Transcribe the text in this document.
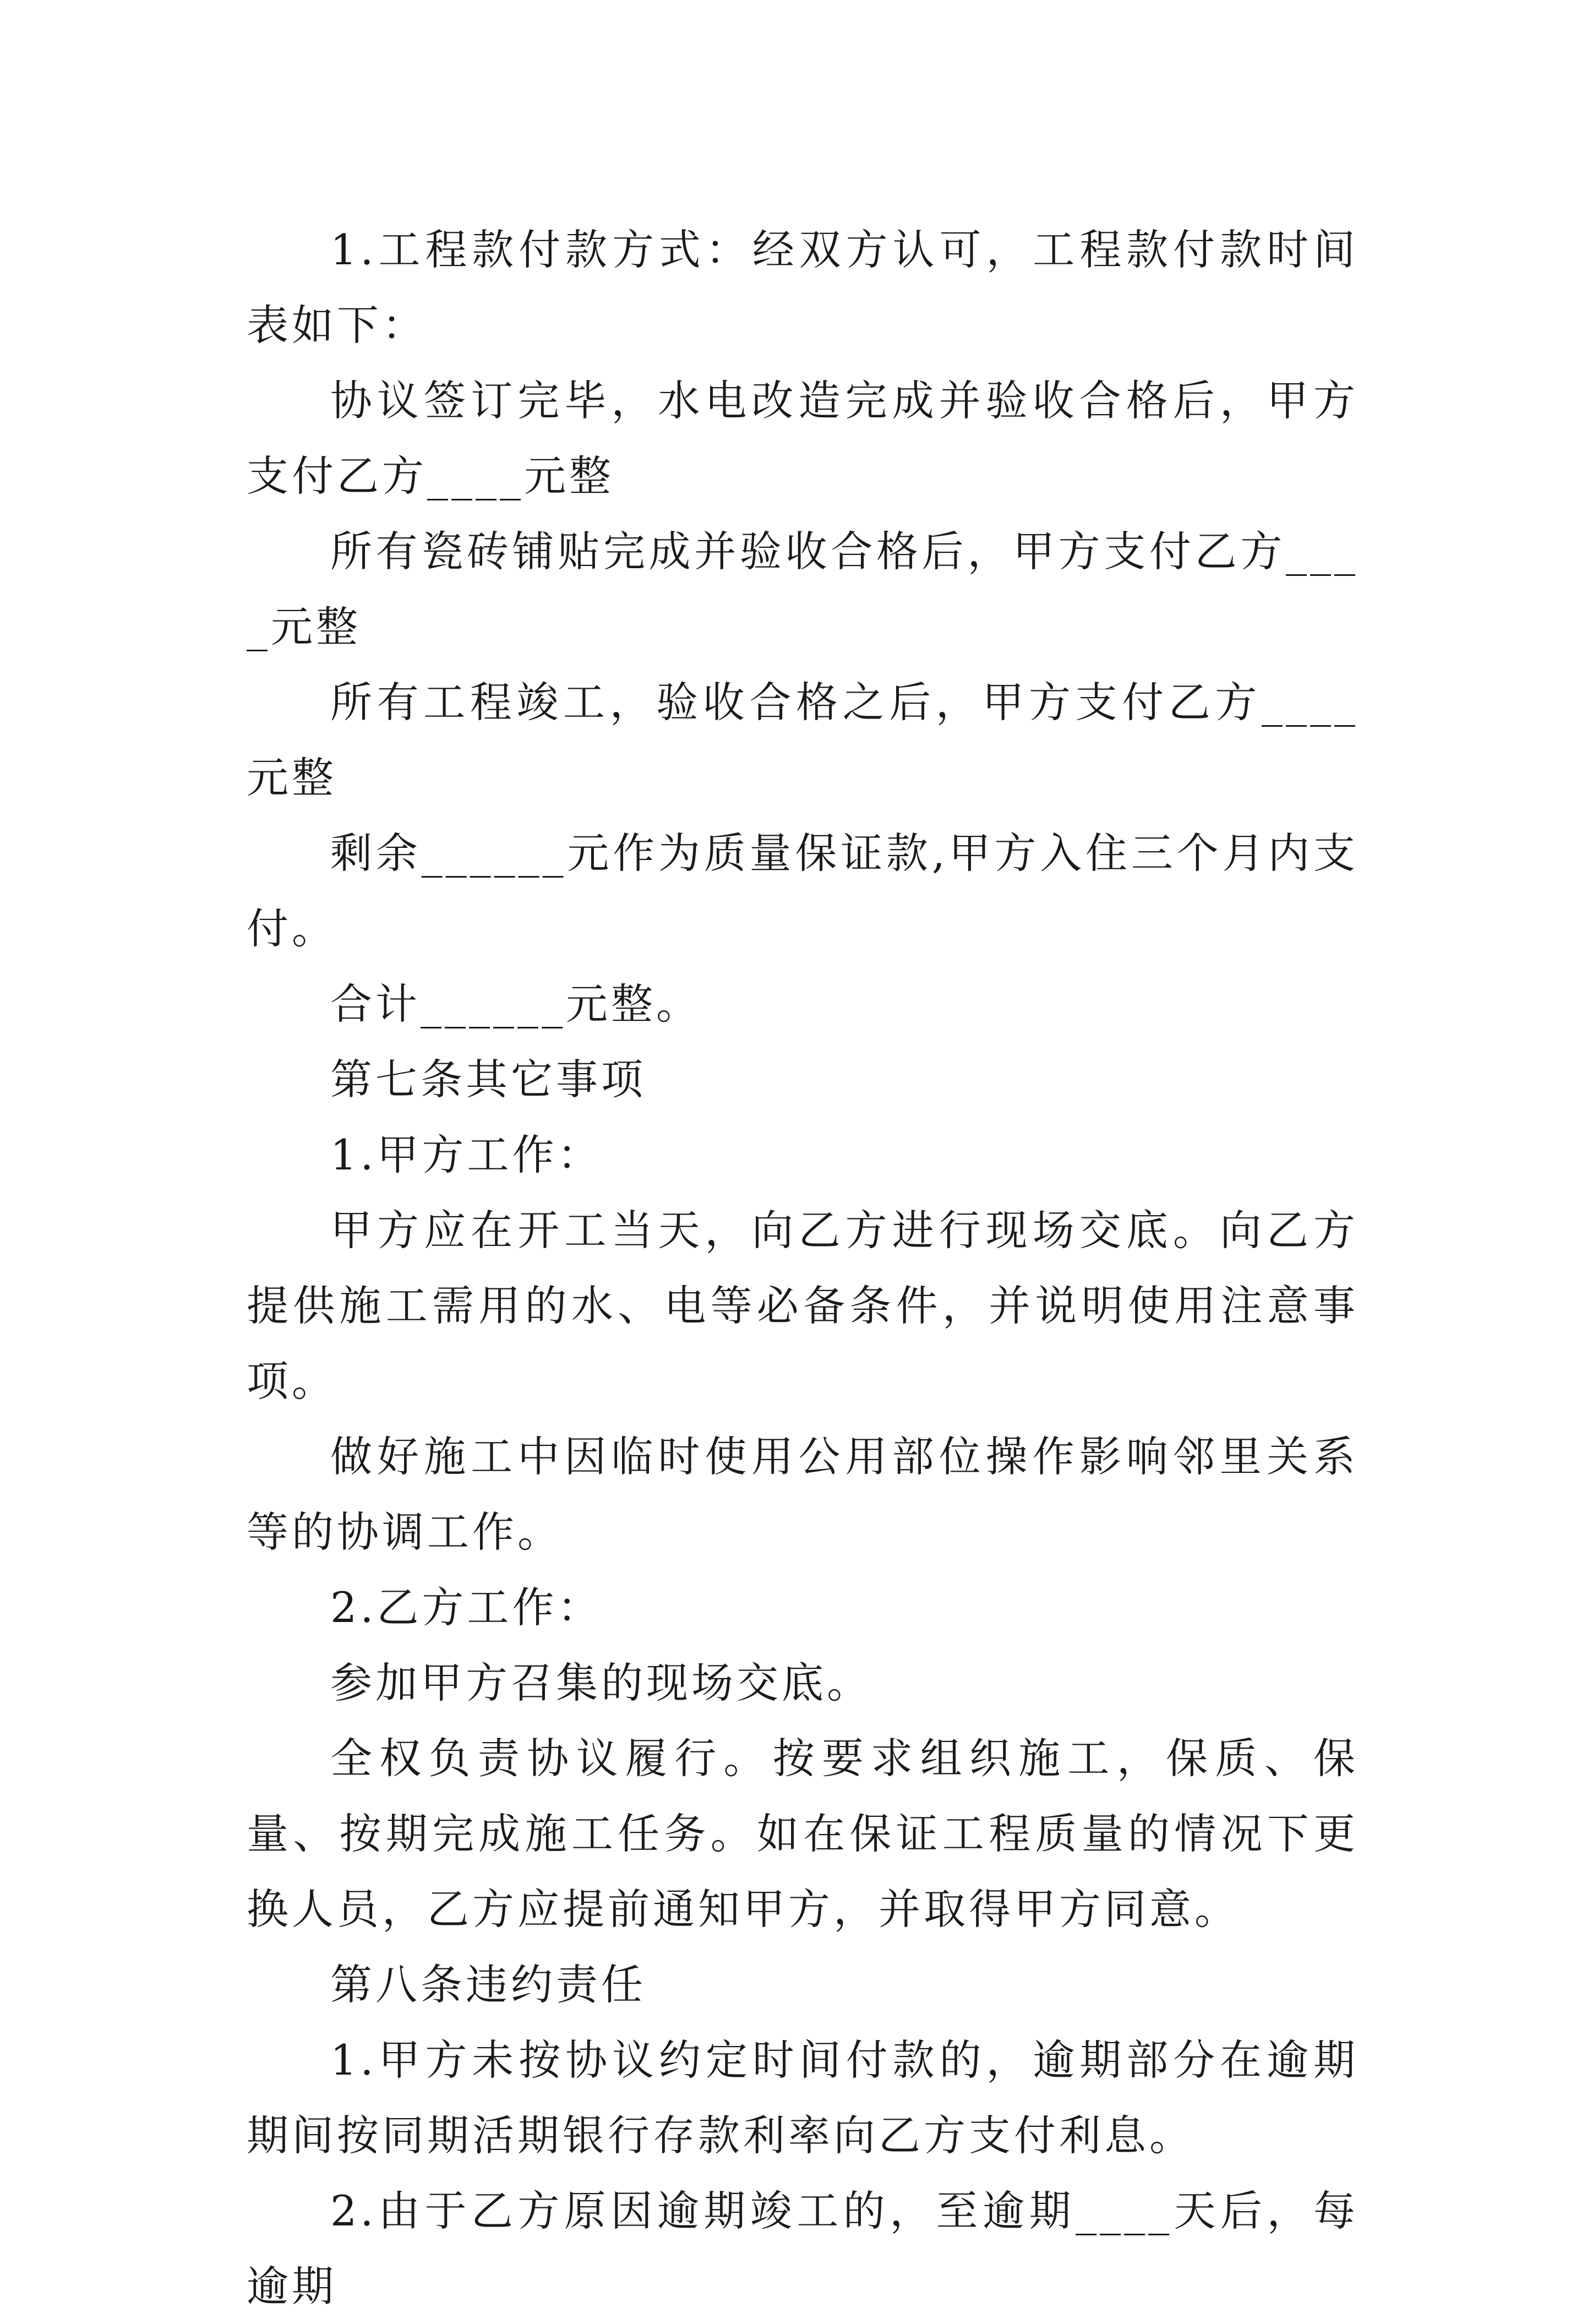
1.工程款付款方式：经双方认可，工程款付款时间表如下：

协议签订完毕，水电改造完成并验收合格后，甲方支付乙方____元整

所有瓷砖铺贴完成并验收合格后，甲方支付乙方____元整

所有工程竣工，验收合格之后，甲方支付乙方____元整

剩余______元作为质量保证款,甲方入住三个月内支付。

合计______元整。

第七条其它事项

1.甲方工作：

甲方应在开工当天，向乙方进行现场交底。向乙方提供施工需用的水、电等必备条件，并说明使用注意事项。

做好施工中因临时使用公用部位操作影响邻里关系等的协调工作。

2.乙方工作：

参加甲方召集的现场交底。

全权负责协议履行。按要求组织施工，保质、保量、按期完成施工任务。如在保证工程质量的情况下更换人员，乙方应提前通知甲方，并取得甲方同意。

第八条违约责任

1.甲方未按协议约定时间付款的，逾期部分在逾期期间按同期活期银行存款利率向乙方支付利息。

2.由于乙方原因逾期竣工的，至逾期____天后，每逾期
